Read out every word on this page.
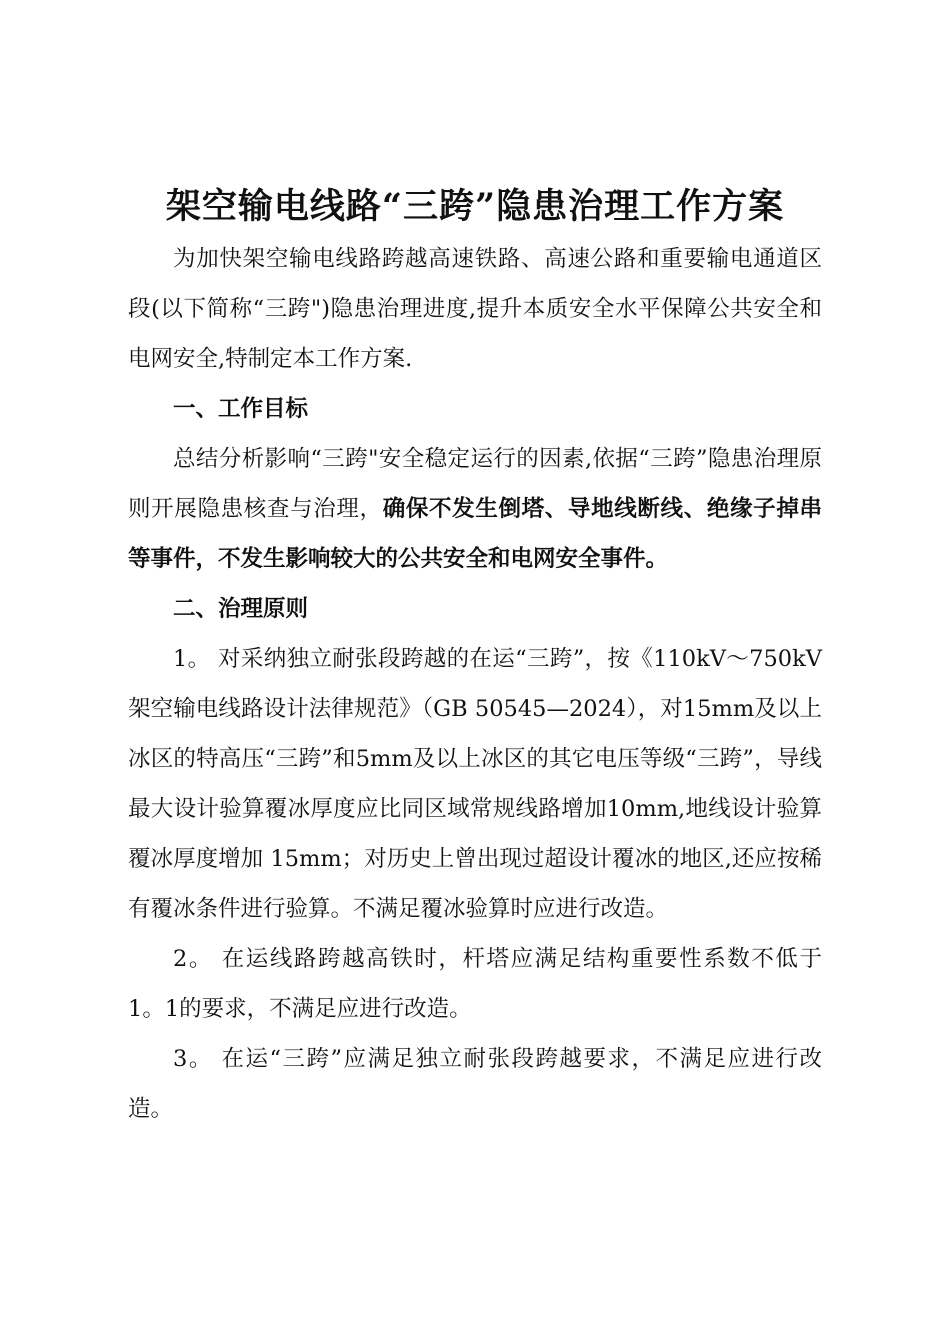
架空输电线路“三跨”隐患治理工作方案

为加快架空输电线路跨越高速铁路、高速公路和重要输电通道区段(以下简称“三跨")隐患治理进度,提升本质安全水平保障公共安全和电网安全,特制定本工作方案.

一、工作目标

总结分析影响“三跨"安全稳定运行的因素,依据“三跨”隐患治理原则开展隐患核查与治理，确保不发生倒塔、导地线断线、绝缘子掉串等事件，不发生影响较大的公共安全和电网安全事件。

二、治理原则

1。 对采纳独立耐张段跨越的在运“三跨”，按《110kV～750kV架空输电线路设计法律规范》（GB 50545—2024），对15mm及以上冰区的特高压“三跨”和5mm及以上冰区的其它电压等级“三跨”，导线最大设计验算覆冰厚度应比同区域常规线路增加10mm,地线设计验算覆冰厚度增加 15mm；对历史上曾出现过超设计覆冰的地区,还应按稀有覆冰条件进行验算。不满足覆冰验算时应进行改造。

2。 在运线路跨越高铁时，杆塔应满足结构重要性系数不低于 1。1的要求，不满足应进行改造。

3。 在运“三跨”应满足独立耐张段跨越要求，不满足应进行改造。
